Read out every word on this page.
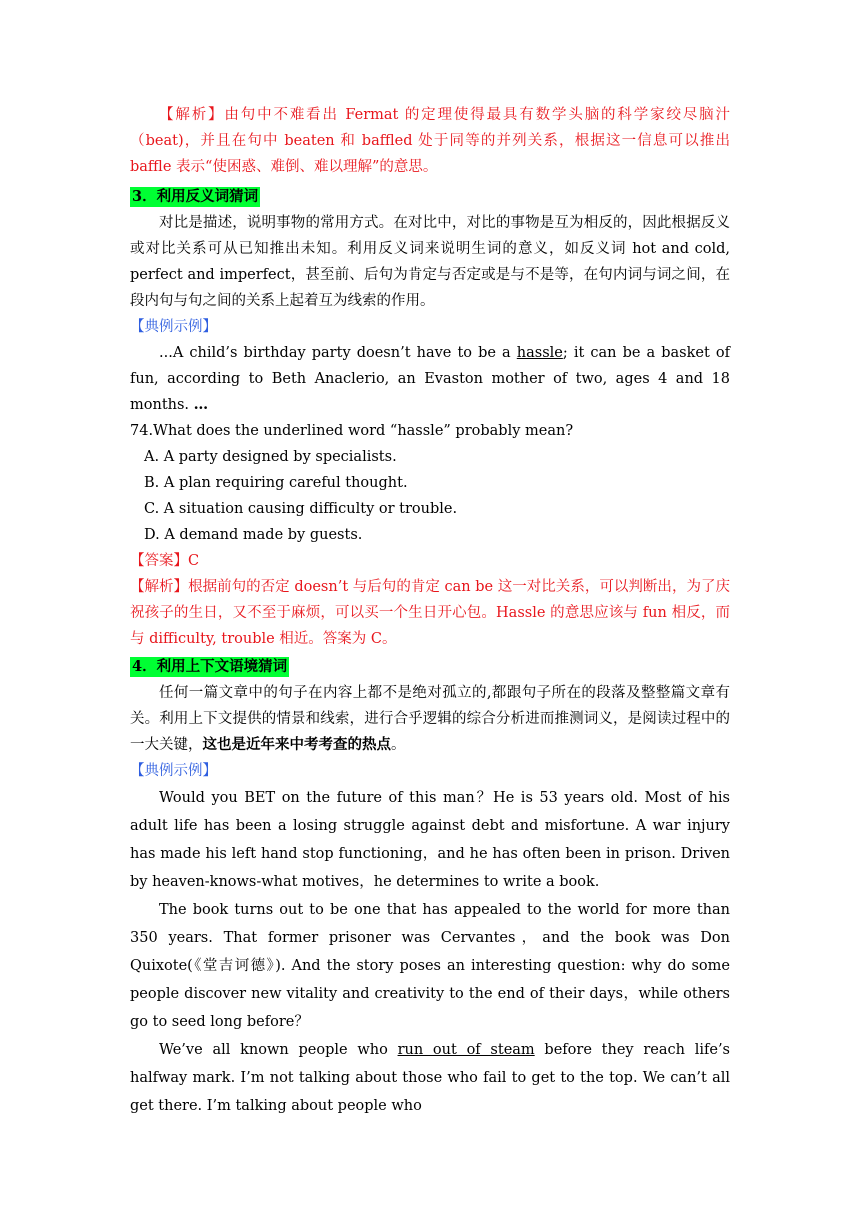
【解析】由句中不难看出 Fermat 的定理使得最具有数学头脑的科学家绞尽脑汁（beat)，并且在句中 beaten 和 baffled 处于同等的并列关系，根据这一信息可以推出 baffle 表示“使困惑、难倒、难以理解”的意思。

3．利用反义词猜词

对比是描述，说明事物的常用方式。在对比中，对比的事物是互为相反的，因此根据反义或对比关系可从已知推出未知。利用反义词来说明生词的意义，如反义词 hot and cold, perfect and imperfect，甚至前、后句为肯定与否定或是与不是等，在句内词与词之间，在段内句与句之间的关系上起着互为线索的作用。

【典例示例】

...A child’s birthday party doesn’t have to be a hassle; it can be a basket of fun, according to Beth Anaclerio, an Evaston mother of two, ages 4 and 18 months. …

74.What does the underlined word “hassle” probably mean?

A. A party designed by specialists.

B. A plan requiring careful thought.

C. A situation causing difficulty or trouble.

D. A demand made by guests.

【答案】C

【解析】根据前句的否定 doesn’t 与后句的肯定 can be 这一对比关系，可以判断出，为了庆祝孩子的生日，又不至于麻烦，可以买一个生日开心包。Hassle 的意思应该与 fun 相反，而与 difficulty, trouble 相近。答案为 C。

4．利用上下文语境猜词

任何一篇文章中的句子在内容上都不是绝对孤立的,都跟句子所在的段落及整整篇文章有关。利用上下文提供的情景和线索，进行合乎逻辑的综合分析进而推测词义，是阅读过程中的一大关键，这也是近年来中考考查的热点。

【典例示例】

Would you BET on the future of this man？He is 53 years old. Most of his adult life has been a losing struggle against debt and misfortune. A war injury has made his left hand stop functioning，and he has often been in prison. Driven by heaven-knows-what motives，he determines to write a book.

The book turns out to be one that has appealed to the world for more than 350 years. That former prisoner was Cervantes，and the book was Don Quixote(《堂吉诃德》). And the story poses an interesting question: why do some people discover new vitality and creativity to the end of their days，while others go to seed long before？

We’ve all known people who run out of steam before they reach life’s halfway mark. I’m not talking about those who fail to get to the top. We can’t all get there. I’m talking about people who
